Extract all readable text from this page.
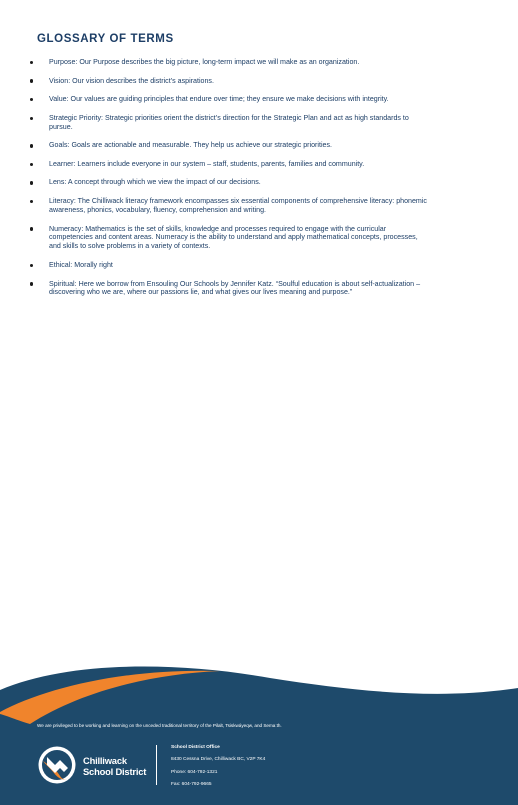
GLOSSARY OF TERMS
Purpose: Our Purpose describes the big picture, long-term impact we will make as an organization.
Vision: Our vision describes the district’s aspirations.
Value: Our values are guiding principles that endure over time; they ensure we make decisions with integrity.
Strategic Priority: Strategic priorities orient the district’s direction for the Strategic Plan and act as high standards to pursue.
Goals: Goals are actionable and measurable. They help us achieve our strategic priorities.
Learner: Learners include everyone in our system – staff, students, parents, families and community.
Lens: A concept through which we view the impact of our decisions.
Literacy: The Chilliwack literacy framework encompasses six essential components of comprehensive literacy: phonemic awareness, phonics, vocabulary, fluency, comprehension and writing.
Numeracy: Mathematics is the set of skills, knowledge and processes required to engage with the curricular competencies and content areas. Numeracy is the ability to understand and apply mathematical concepts, processes, and skills to solve problems in a variety of contexts.
Ethical: Morally right
Spiritual: Here we borrow from Ensouling Our Schools by Jennifer Katz. “Soulful education is about self-actualization – discovering who we are, where our passions lie, and what gives our lives meaning and purpose.”
We are privileged to be working and learning on the unceded traditional territory of the Pilalt, Tsiskwáyeqw, and Semaːth.
Chilliwack
School District
School District Office
8430 Cessna Drive, Chilliwack BC, V2P 7K4
Phone: 604-792-1321
Fax: 604-792-9665
